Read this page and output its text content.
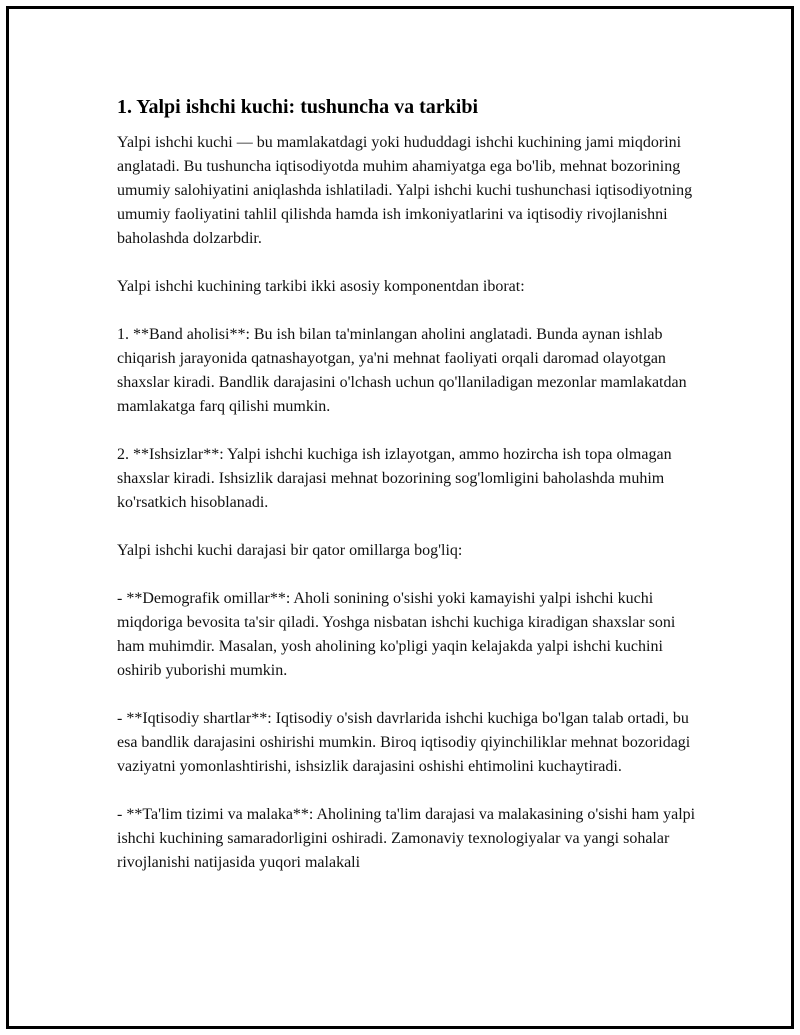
1. Yalpi ishchi kuchi: tushuncha va tarkibi

Yalpi ishchi kuchi — bu mamlakatdagi yoki hududdagi ishchi kuchining jami miqdorini anglatadi. Bu tushuncha iqtisodiyotda muhim ahamiyatga ega bo'lib, mehnat bozorining umumiy salohiyatini aniqlashda ishlatiladi. Yalpi ishchi kuchi tushunchasi iqtisodiyotning umumiy faoliyatini tahlil qilishda hamda ish imkoniyatlarini va iqtisodiy rivojlanishni baholashda dolzarbdir.

Yalpi ishchi kuchining tarkibi ikki asosiy komponentdan iborat:

1. **Band aholisi**: Bu ish bilan ta'minlangan aholini anglatadi. Bunda aynan ishlab chiqarish jarayonida qatnashayotgan, ya'ni mehnat faoliyati orqali daromad olayotgan shaxslar kiradi. Bandlik darajasini o'lchash uchun qo'llaniladigan mezonlar mamlakatdan mamlakatga farq qilishi mumkin.

2. **Ishsizlar**: Yalpi ishchi kuchiga ish izlayotgan, ammo hozircha ish topa olmagan shaxslar kiradi. Ishsizlik darajasi mehnat bozorining sog'lomligini baholashda muhim ko'rsatkich hisoblanadi.

Yalpi ishchi kuchi darajasi bir qator omillarga bog'liq:

- **Demografik omillar**: Aholi sonining o'sishi yoki kamayishi yalpi ishchi kuchi miqdoriga bevosita ta'sir qiladi. Yoshga nisbatan ishchi kuchiga kiradigan shaxslar soni ham muhimdir. Masalan, yosh aholining ko'pligi yaqin kelajakda yalpi ishchi kuchini oshirib yuborishi mumkin.

- **Iqtisodiy shartlar**: Iqtisodiy o'sish davrlarida ishchi kuchiga bo'lgan talab ortadi, bu esa bandlik darajasini oshirishi mumkin. Biroq iqtisodiy qiyinchiliklar mehnat bozoridagi vaziyatni yomonlashtirishi, ishsizlik darajasini oshishi ehtimolini kuchaytiradi.

- **Ta'lim tizimi va malaka**: Aholining ta'lim darajasi va malakasining o'sishi ham yalpi ishchi kuchining samaradorligini oshiradi. Zamonaviy texnologiyalar va yangi sohalar rivojlanishi natijasida yuqori malakali
